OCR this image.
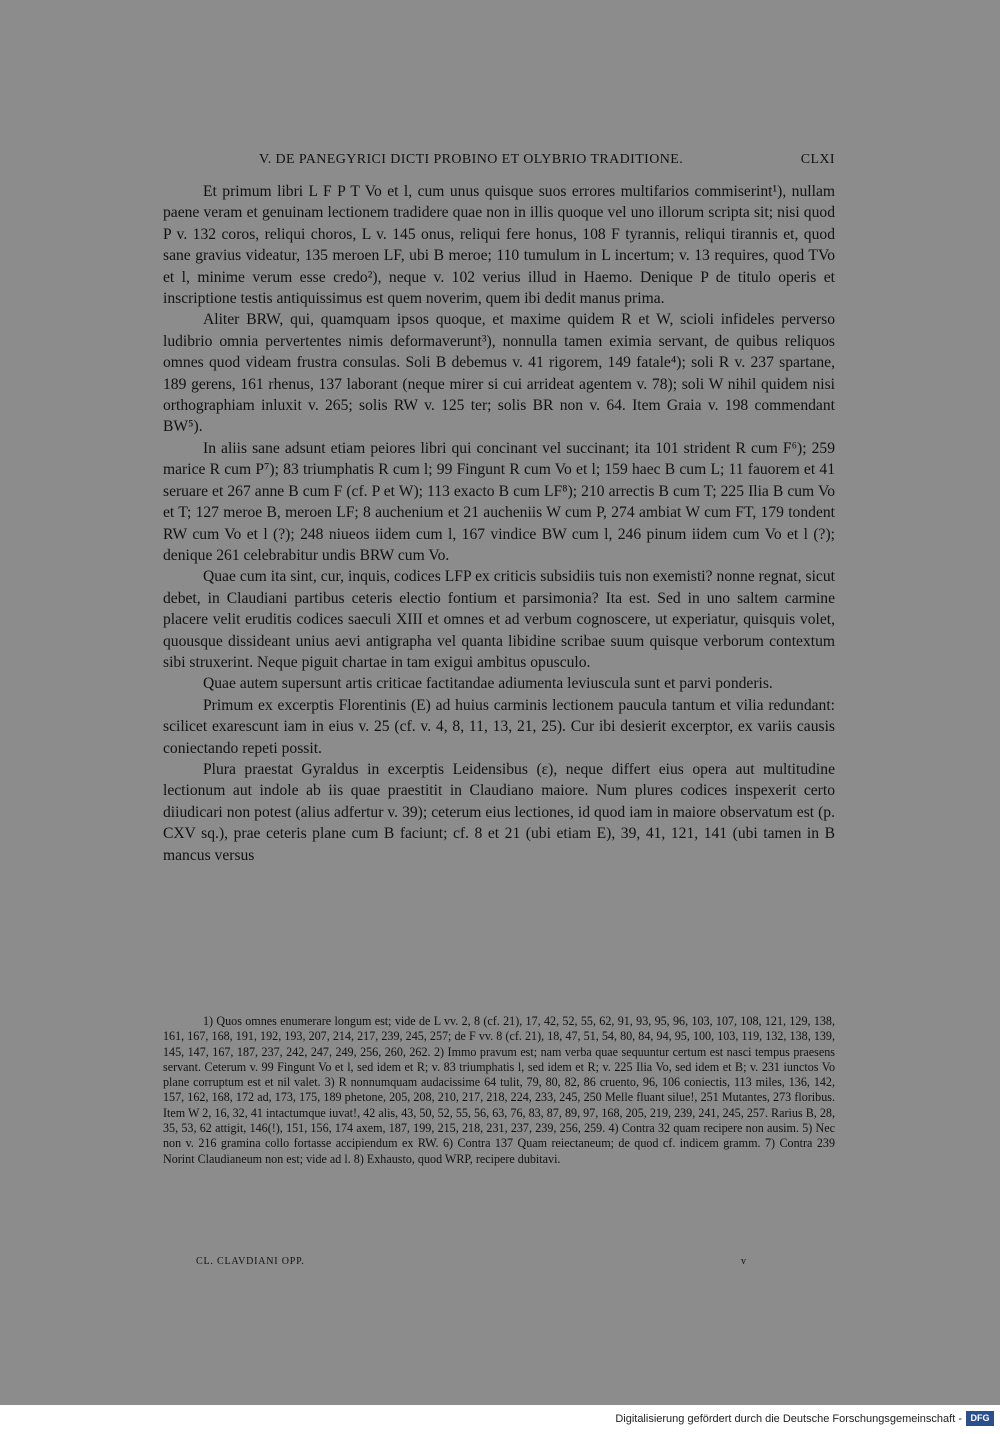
V. DE PANEGYRICI DICTI PROBINO ET OLYBRIO TRADITIONE.	CLXI

Et primum libri L F P T Vo et l, cum unus quisque suos errores multifarios commiserint¹), nullam paene veram et genuinam lectionem tradidere quae non in illis quoque vel uno illorum scripta sit; nisi quod P v. 132 coros, reliqui choros, L v. 145 onus, reliqui fere honus, 108 F tyrannis, reliqui tirannis et, quod sane gravius videatur, 135 meroen LF, ubi B meroe; 110 tumulum in L incertum; v. 13 requires, quod TVo et l, minime verum esse credo²), neque v. 102 verius illud in Haemo. Denique P de titulo operis et inscriptione testis antiquissimus est quem noverim, quem ibi dedit manus prima.

Aliter BRW, qui, quamquam ipsos quoque, et maxime quidem R et W, scioli infideles perverso ludibrio omnia pervertentes nimis deformaverunt³), nonnulla tamen eximia servant, de quibus reliquos omnes quod videam frustra consulas. Soli B debemus v. 41 rigorem, 149 fatale⁴); soli R v. 237 spartane, 189 gerens, 161 rhenus, 137 laborant (neque mirer si cui arrideat agentem v. 78); soli W nihil quidem nisi orthographiam inluxit v. 265; solis RW v. 125 ter; solis BR non v. 64. Item Graia v. 198 commendant BW⁵).

In aliis sane adsunt etiam peiores libri qui concinant vel succinant; ita 101 strident R cum F⁶); 259 marice R cum P⁷); 83 triumphatis R cum l; 99 Fingunt R cum Vo et l; 159 haec B cum L; 11 fauorem et 41 seruare et 267 anne B cum F (cf. P et W); 113 exacto B cum LF⁸); 210 arrectis B cum T; 225 Ilia B cum Vo et T; 127 meroe B, meroen LF; 8 auchenium et 21 aucheniis W cum P, 274 ambiat W cum FT, 179 tondent RW cum Vo et l (?); 248 niueos iidem cum l, 167 vindice BW cum l, 246 pinum iidem cum Vo et l (?); denique 261 celebrabitur undis BRW cum Vo.

Quae cum ita sint, cur, inquis, codices LFP ex criticis subsidiis tuis non exemisti? nonne regnat, sicut debet, in Claudiani partibus ceteris electio fontium et parsimonia? Ita est. Sed in uno saltem carmine placere velit eruditis codices saeculi XIII et omnes et ad verbum cognoscere, ut experiatur, quisquis volet, quousque dissideant unius aevi antigrapha vel quanta libidine scribae suum quisque verborum contextum sibi struxerint. Neque piguit chartae in tam exigui ambitus opusculo.

Quae autem supersunt artis criticae factitandae adiumenta leviuscula sunt et parvi ponderis.

Primum ex excerptis Florentinis (E) ad huius carminis lectionem paucula tantum et vilia redundant: scilicet exarescunt iam in eius v. 25 (cf. v. 4, 8, 11, 13, 21, 25). Cur ibi desierit excerptor, ex variis causis coniectando repeti possit.

Plura praestat Gyraldus in excerptis Leidensibus (ε), neque differt eius opera aut multitudine lectionum aut indole ab iis quae praestitit in Claudiano maiore. Num plures codices inspexerit certo diiudicari non potest (alius adfertur v. 39); ceterum eius lectiones, id quod iam in maiore observatum est (p. CXV sq.), prae ceteris plane cum B faciunt; cf. 8 et 21 (ubi etiam E), 39, 41, 121, 141 (ubi tamen in B mancus versus

1) Quos omnes enumerare longum est; vide de L vv. 2, 8 (cf. 21), 17, 42, 52, 55, 62, 91, 93, 95, 96, 103, 107, 108, 121, 129, 138, 161, 167, 168, 191, 192, 193, 207, 214, 217, 239, 245, 257; de F vv. 8 (cf. 21), 18, 47, 51, 54, 80, 84, 94, 95, 100, 103, 119, 132, 138, 139, 145, 147, 167, 187, 237, 242, 247, 249, 256, 260, 262. 2) Immo pravum est; nam verba quae sequuntur certum est nasci tempus praesens servant. Ceterum v. 99 Fingunt Vo et l, sed idem et R; v. 83 triumphatis l, sed idem et R; v. 225 Ilia Vo, sed idem et B; v. 231 iunctos Vo plane corruptum est et nil valet. 3) R nonnumquam audacissime 64 tulit, 79, 80, 82, 86 cruento, 96, 106 coniectis, 113 miles, 136, 142, 157, 162, 168, 172 ad, 173, 175, 189 phetone, 205, 208, 210, 217, 218, 224, 233, 245, 250 Melle fluant silue!, 251 Mutantes, 273 floribus. Item W 2, 16, 32, 41 intactumque iuvat!, 42 alis, 43, 50, 52, 55, 56, 63, 76, 83, 87, 89, 97, 168, 205, 219, 239, 241, 245, 257. Rarius B, 28, 35, 53, 62 attigit, 146(!), 151, 156, 174 axem, 187, 199, 215, 218, 231, 237, 239, 256, 259. 4) Contra 32 quam recipere non ausim. 5) Nec non v. 216 gramina collo fortasse accipiendum ex RW. 6) Contra 137 Quam reiectaneum; de quod cf. indicem gramm. 7) Contra 239 Norint Claudianeum non est; vide ad l. 8) Exhausto, quod WRP, recipere dubitavi.

CL. CLAVDIANI OPP.	v
Digitalisierung gefördert durch die Deutsche Forschungsgemeinschaft - DFG
